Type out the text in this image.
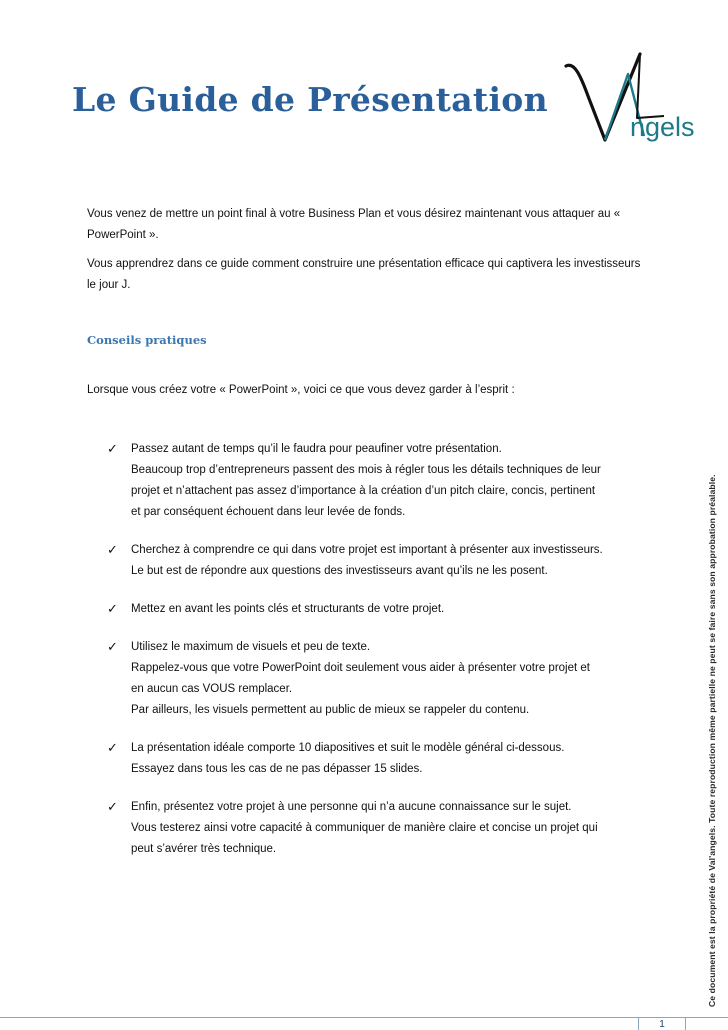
Le Guide de Présentation
ngels

Vous venez de mettre un point final à votre Business Plan et vous désirez maintenant vous attaquer au « PowerPoint ».

Vous apprendrez dans ce guide comment construire une présentation efficace qui captivera les investisseurs le jour J.

Conseils pratiques

Lorsque vous créez votre « PowerPoint », voici ce que vous devez garder à l’esprit :

✓ Passez autant de temps qu’il le faudra pour peaufiner votre présentation.
Beaucoup trop d’entrepreneurs passent des mois à régler tous les détails techniques de leur
projet et n’attachent pas assez d’importance à la création d’un pitch claire, concis, pertinent
et par conséquent échouent dans leur levée de fonds.
✓ Cherchez à comprendre ce qui dans votre projet est important à présenter aux investisseurs.
Le but est de répondre aux questions des investisseurs avant qu’ils ne les posent.
✓ Mettez en avant les points clés et structurants de votre projet.
✓ Utilisez le maximum de visuels et peu de texte.
Rappelez-vous que votre PowerPoint doit seulement vous aider à présenter votre projet et
en aucun cas VOUS remplacer.
Par ailleurs, les visuels permettent au public de mieux se rappeler du contenu.
✓ La présentation idéale comporte 10 diapositives et suit le modèle général ci-dessous.
Essayez dans tous les cas de ne pas dépasser 15 slides.
✓ Enfin, présentez votre projet à une personne qui n’a aucune connaissance sur le sujet.
Vous testerez ainsi votre capacité à communiquer de manière claire et concise un projet qui
peut s’avérer très technique.	Ce document est la propriété de Val'angels. Toute reproduction même partielle ne peut se faire sans son approbation préalable.
1
